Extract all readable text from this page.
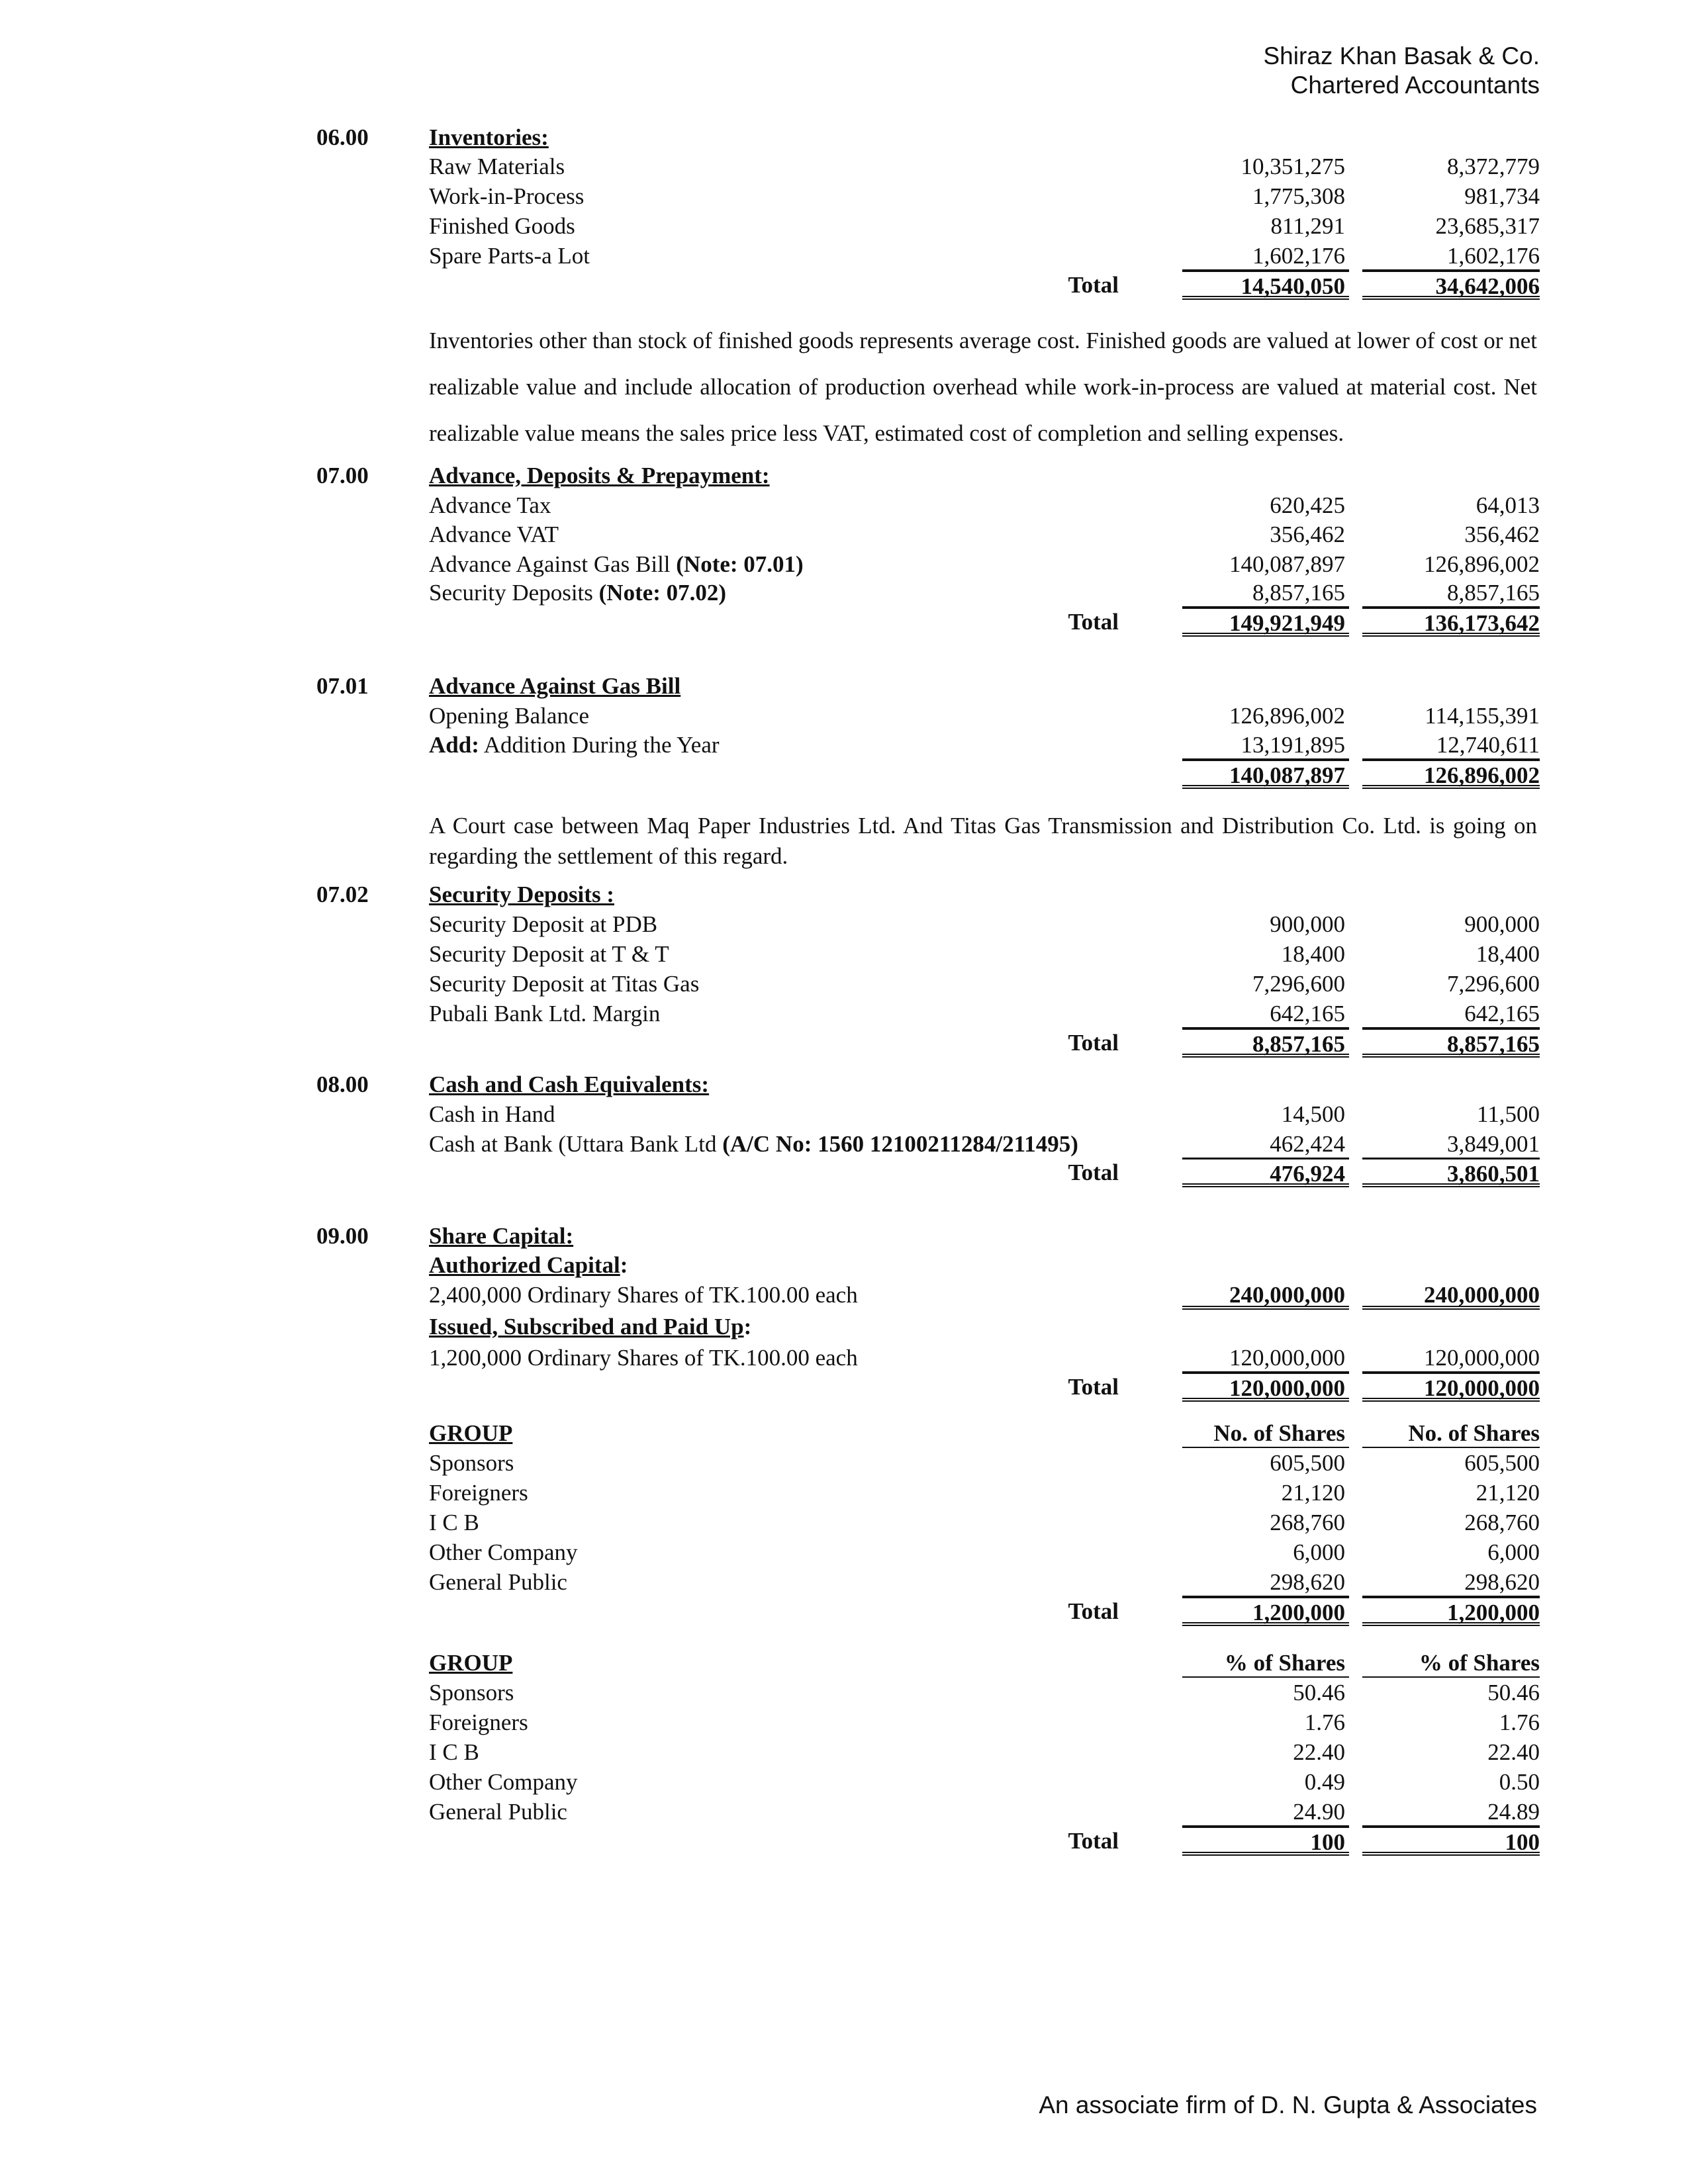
Shiraz Khan Basak & Co.
Chartered Accountants
06.00	Inventories:
Raw Materials	10,351,275	8,372,779
Work-in-Process	1,775,308	981,734
Finished Goods	811,291	23,685,317
Spare Parts-a Lot	1,602,176	1,602,176
Total	14,540,050	34,642,006
Inventories other than stock of finished goods represents average cost. Finished goods are valued at lower of cost or net realizable value and include allocation of production overhead while work-in-process are valued at material cost. Net realizable value means the sales price less VAT, estimated cost of completion and selling expenses.
07.00	Advance, Deposits & Prepayment:
Advance Tax	620,425	64,013
Advance VAT	356,462	356,462
Advance Against Gas Bill (Note: 07.01)	140,087,897	126,896,002
Security Deposits (Note: 07.02)	8,857,165	8,857,165
Total	149,921,949	136,173,642
07.01	Advance Against Gas Bill
Opening Balance	126,896,002	114,155,391
Add: Addition During the Year	13,191,895	12,740,611
140,087,897	126,896,002
A Court case between Maq Paper Industries Ltd. And Titas Gas Transmission and Distribution Co. Ltd. is going on regarding the settlement of this regard.
07.02	Security Deposits :
Security Deposit at PDB	900,000	900,000
Security Deposit at T & T	18,400	18,400
Security Deposit at Titas Gas	7,296,600	7,296,600
Pubali Bank Ltd. Margin	642,165	642,165
Total	8,857,165	8,857,165
08.00	Cash and Cash Equivalents:
Cash in Hand	14,500	11,500
Cash at Bank (Uttara Bank Ltd (A/C No: 1560 12100211284/211495)	462,424	3,849,001
Total	476,924	3,860,501
09.00	Share Capital:
Authorized Capital:
2,400,000 Ordinary Shares of TK.100.00 each	240,000,000	240,000,000
Issued, Subscribed and Paid Up:
1,200,000 Ordinary Shares of TK.100.00 each	120,000,000	120,000,000
Total	120,000,000	120,000,000
GROUP	No. of Shares	No. of Shares
Sponsors	605,500	605,500
Foreigners	21,120	21,120
I C B	268,760	268,760
Other Company	6,000	6,000
General Public	298,620	298,620
Total	1,200,000	1,200,000
GROUP	% of Shares	% of Shares
Sponsors	50.46	50.46
Foreigners	1.76	1.76
I C B	22.40	22.40
Other Company	0.49	0.50
General Public	24.90	24.89
Total	100	100
An associate firm of D. N. Gupta & Associates
